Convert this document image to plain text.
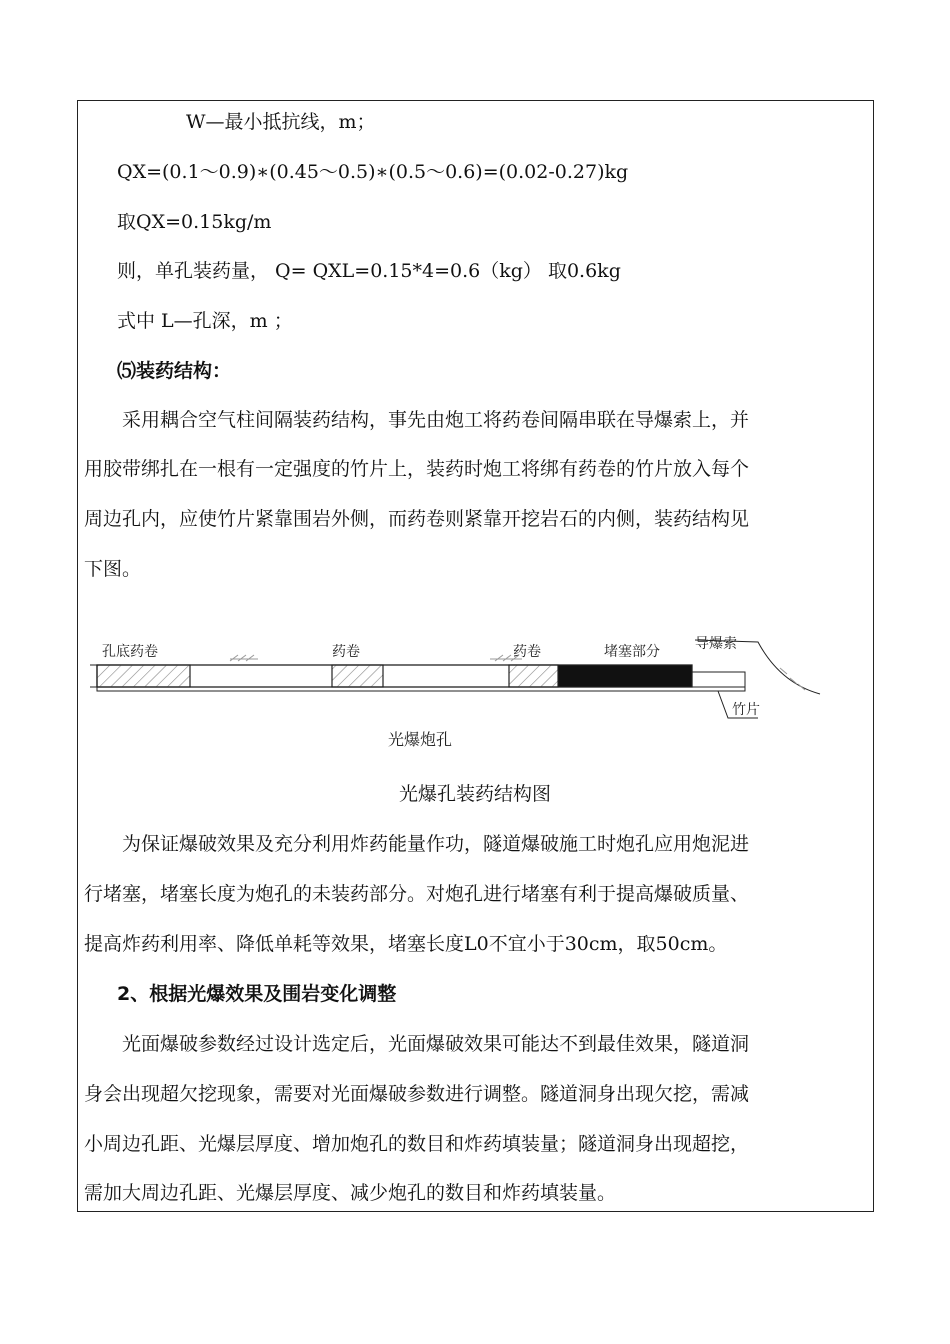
W—最小抵抗线，m；
QX=(0.1～0.9)∗(0.45～0.5)∗(0.5～0.6)=(0.02-0.27)kg
取QX=0.15kg/m
则，单孔装药量， Q= QXL=0.15*4=0.6（kg） 取0.6kg
式中 L—孔深，m ；
⑸装药结构：
采用耦合空气柱间隔装药结构，事先由炮工将药卷间隔串联在导爆索上，并
用胶带绑扎在一根有一定强度的竹片上，装药时炮工将绑有药卷的竹片放入每个
周边孔内，应使竹片紧靠围岩外侧，而药卷则紧靠开挖岩石的内侧，装药结构见
下图。
孔底药卷	药卷	药卷	堵塞部分	导爆索
竹片
光爆炮孔
光爆孔装药结构图
为保证爆破效果及充分利用炸药能量作功，隧道爆破施工时炮孔应用炮泥进
行堵塞，堵塞长度为炮孔的未装药部分。对炮孔进行堵塞有利于提高爆破质量、
提高炸药利用率、降低单耗等效果，堵塞长度L0不宜小于30cm，取50cm。
2、根据光爆效果及围岩变化调整
光面爆破参数经过设计选定后，光面爆破效果可能达不到最佳效果，隧道洞
身会出现超欠挖现象，需要对光面爆破参数进行调整。隧道洞身出现欠挖，需减
小周边孔距、光爆层厚度、增加炮孔的数目和炸药填装量；隧道洞身出现超挖，
需加大周边孔距、光爆层厚度、减少炮孔的数目和炸药填装量。
